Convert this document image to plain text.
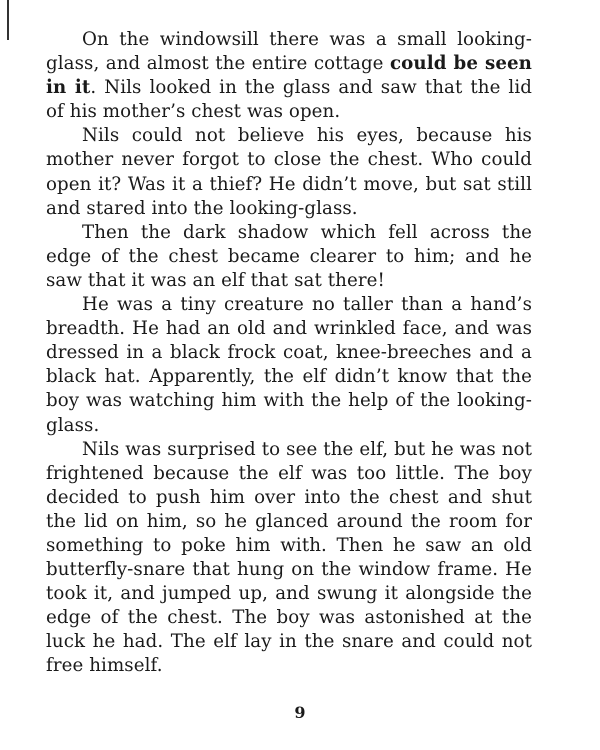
On the windowsill there was a small looking-glass, and almost the entire cottage could be seen in it. Nils looked in the glass and saw that the lid of his mother’s chest was open.

Nils could not believe his eyes, because his mother never forgot to close the chest. Who could open it? Was it a thief? He didn’t move, but sat still and stared into the looking-glass.

Then the dark shadow which fell across the edge of the chest became clearer to him; and he saw that it was an elf that sat there!

He was a tiny creature no taller than a hand’s breadth. He had an old and wrinkled face, and was dressed in a black frock coat, knee-breeches and a black hat. Apparently, the elf didn’t know that the boy was watching him with the help of the looking-glass.

Nils was surprised to see the elf, but he was not frightened because the elf was too little. The boy decided to push him over into the chest and shut the lid on him, so he glanced around the room for something to poke him with. Then he saw an old butterfly-snare that hung on the window frame. He took it, and jumped up, and swung it alongside the edge of the chest. The boy was astonished at the luck he had. The elf lay in the snare and could not free himself.

9
